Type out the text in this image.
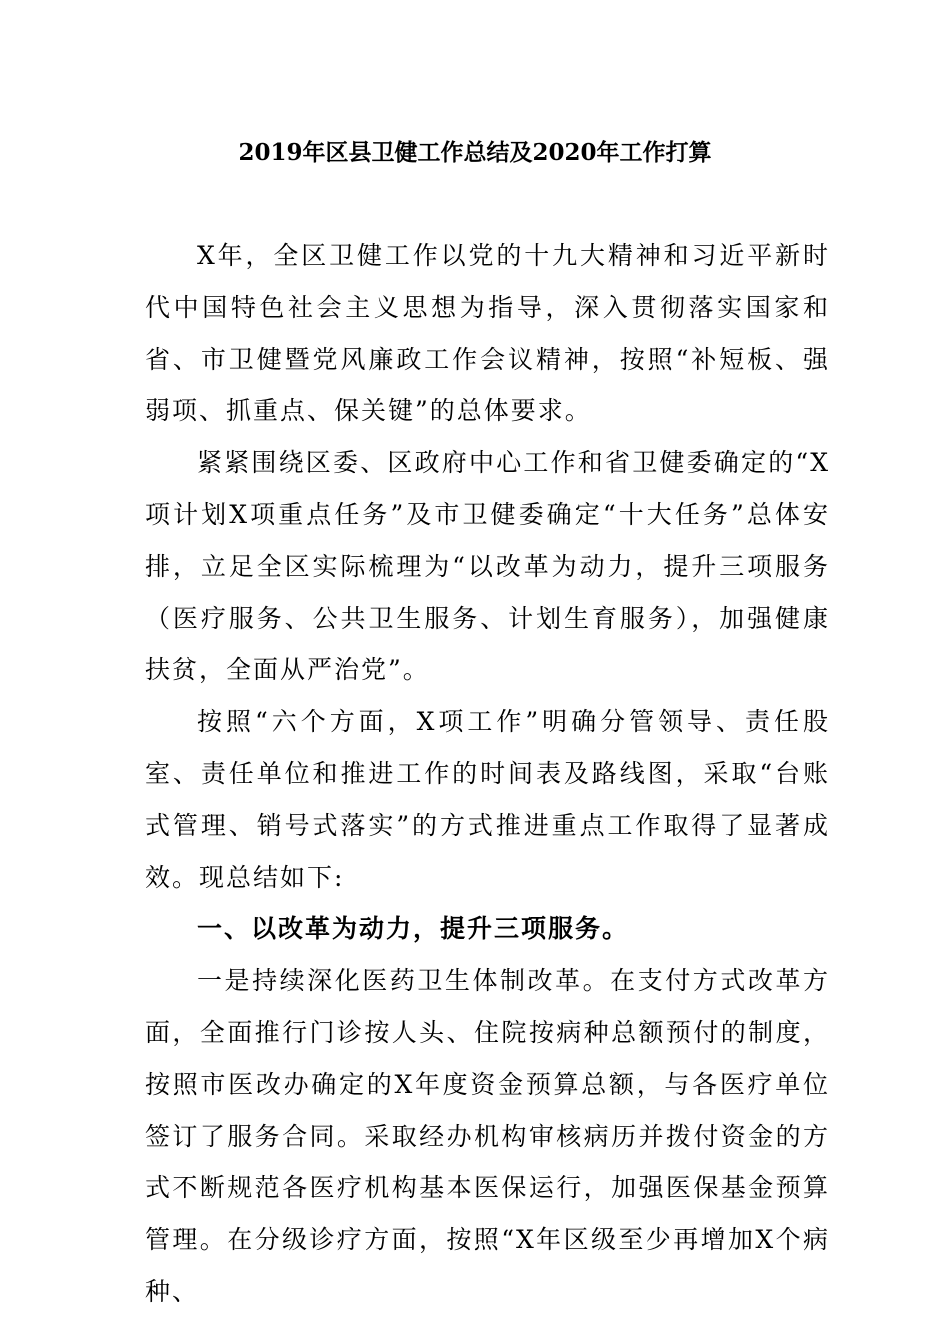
2019年区县卫健工作总结及2020年工作打算

X年，全区卫健工作以党的十九大精神和习近平新时代中国特色社会主义思想为指导，深入贯彻落实国家和省、市卫健暨党风廉政工作会议精神，按照“补短板、强弱项、抓重点、保关键”的总体要求。

紧紧围绕区委、区政府中心工作和省卫健委确定的“X项计划X项重点任务”及市卫健委确定“十大任务”总体安排，立足全区实际梳理为“以改革为动力，提升三项服务（医疗服务、公共卫生服务、计划生育服务），加强健康扶贫，全面从严治党”。

按照“六个方面，X项工作”明确分管领导、责任股室、责任单位和推进工作的时间表及路线图，采取“台账式管理、销号式落实”的方式推进重点工作取得了显著成效。现总结如下:

一、以改革为动力，提升三项服务。

一是持续深化医药卫生体制改革。在支付方式改革方面，全面推行门诊按人头、住院按病种总额预付的制度，按照市医改办确定的X年度资金预算总额，与各医疗单位签订了服务合同。采取经办机构审核病历并拨付资金的方式不断规范各医疗机构基本医保运行，加强医保基金预算管理。在分级诊疗方面，按照“X年区级至少再增加X个病种、
